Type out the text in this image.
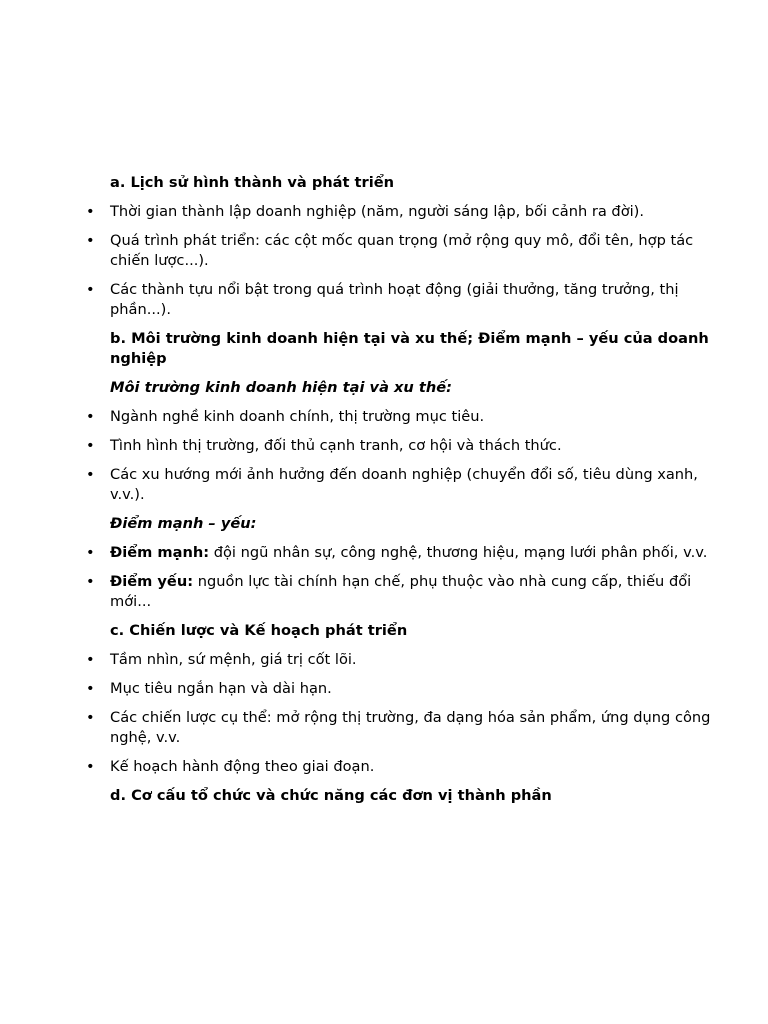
a. Lịch sử hình thành và phát triển
• Thời gian thành lập doanh nghiệp (năm, người sáng lập, bối cảnh ra đời).
• Quá trình phát triển: các cột mốc quan trọng (mở rộng quy mô, đổi tên, hợp tác chiến lược...).
• Các thành tựu nổi bật trong quá trình hoạt động (giải thưởng, tăng trưởng, thị phần...).
b. Môi trường kinh doanh hiện tại và xu thế; Điểm mạnh – yếu của doanh nghiệp
Môi trường kinh doanh hiện tại và xu thế:
• Ngành nghề kinh doanh chính, thị trường mục tiêu.
• Tình hình thị trường, đối thủ cạnh tranh, cơ hội và thách thức.
• Các xu hướng mới ảnh hưởng đến doanh nghiệp (chuyển đổi số, tiêu dùng xanh, v.v.).
Điểm mạnh – yếu:
• Điểm mạnh: đội ngũ nhân sự, công nghệ, thương hiệu, mạng lưới phân phối, v.v.
• Điểm yếu: nguồn lực tài chính hạn chế, phụ thuộc vào nhà cung cấp, thiếu đổi mới...
c. Chiến lược và Kế hoạch phát triển
• Tầm nhìn, sứ mệnh, giá trị cốt lõi.
• Mục tiêu ngắn hạn và dài hạn.
• Các chiến lược cụ thể: mở rộng thị trường, đa dạng hóa sản phẩm, ứng dụng công nghệ, v.v.
• Kế hoạch hành động theo giai đoạn.
d. Cơ cấu tổ chức và chức năng các đơn vị thành phần
